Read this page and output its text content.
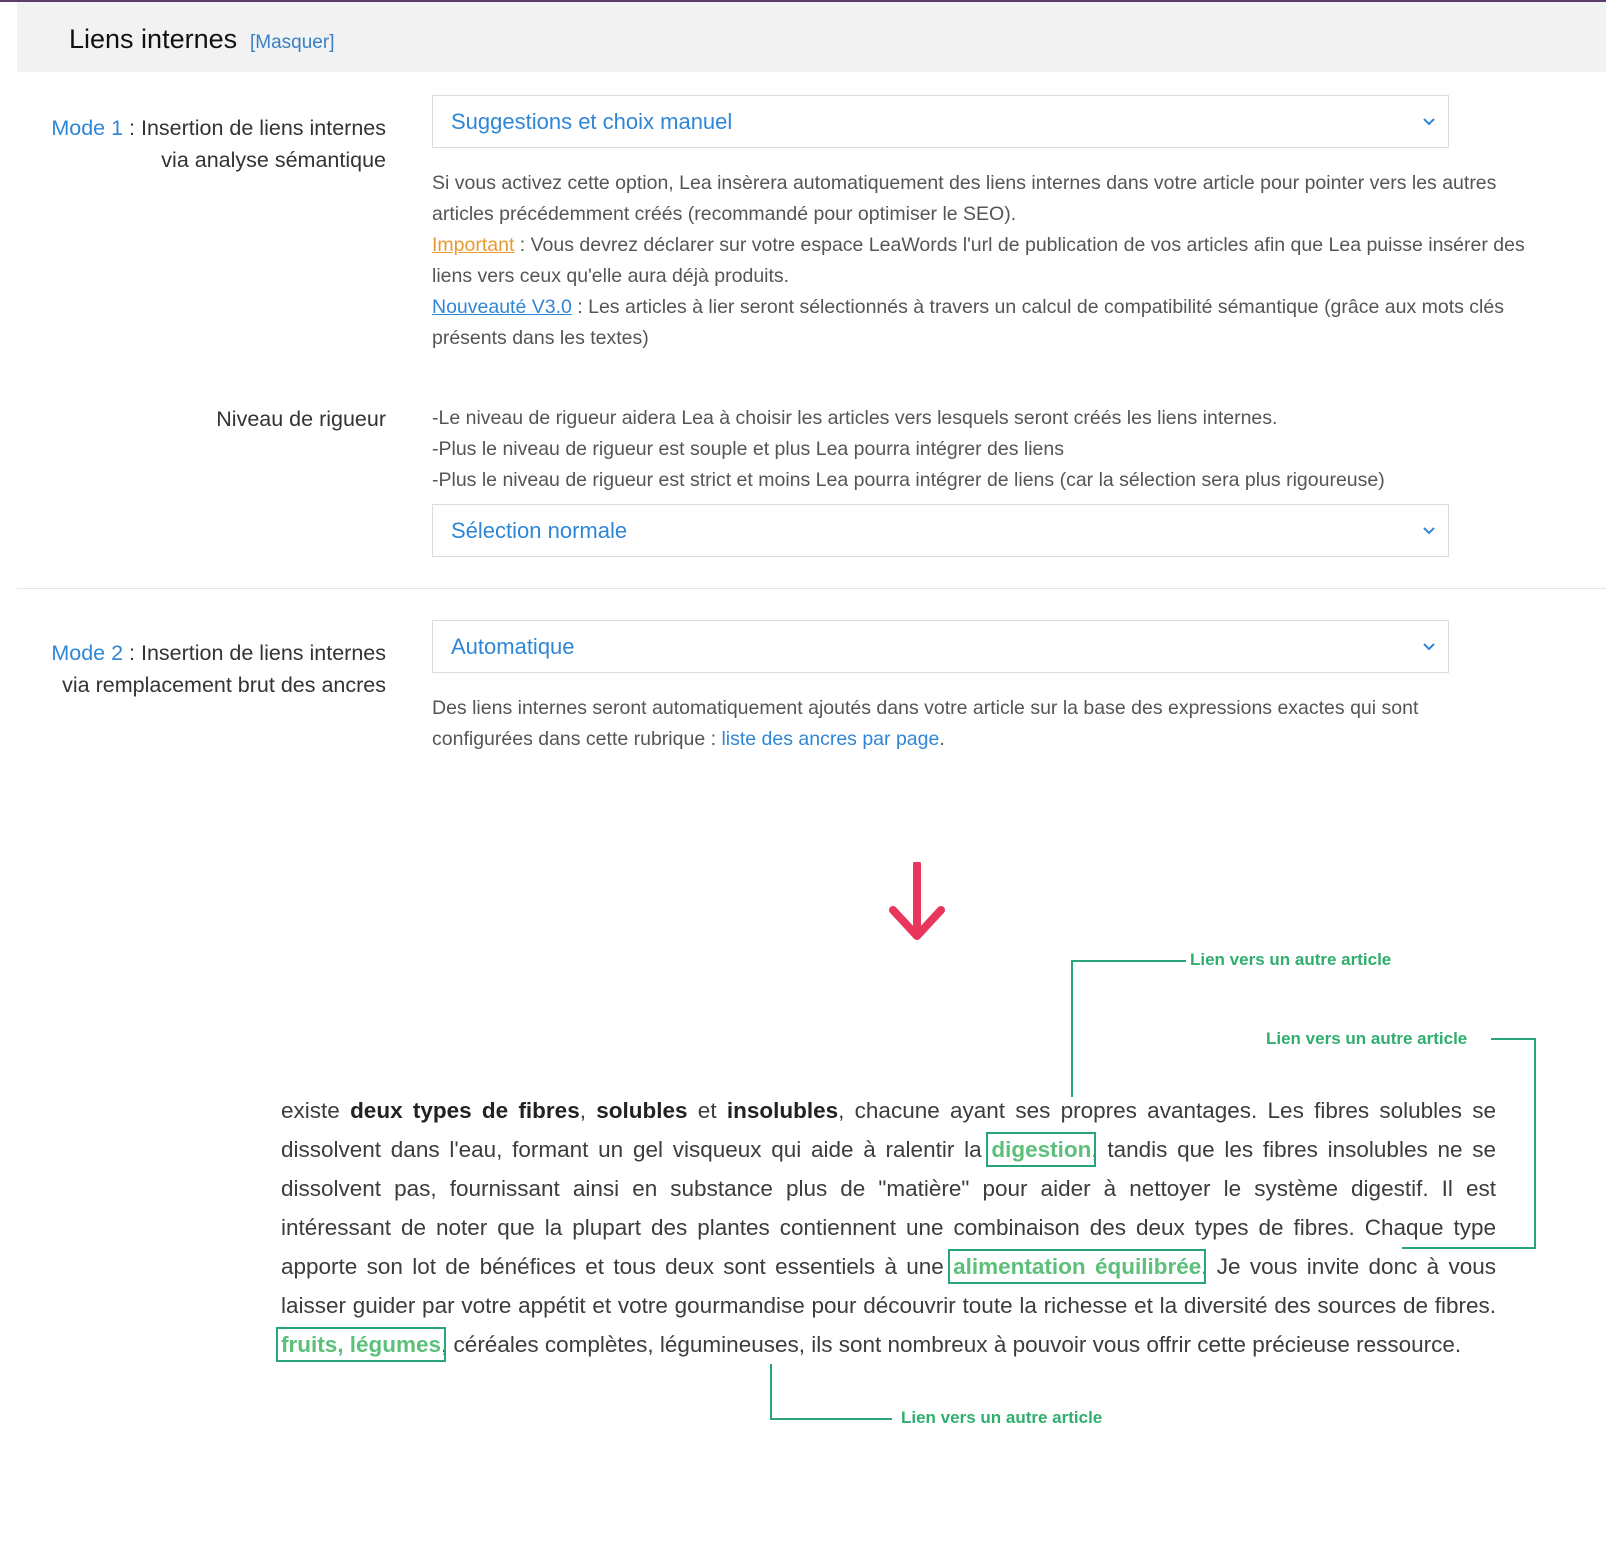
Liens internes [Masquer]
Mode 1 : Insertion de liens internes
via analyse sémantique
Suggestions et choix manuel

Si vous activez cette option, Lea insèrera automatiquement des liens internes dans votre article pour pointer vers les autres articles précédemment créés (recommandé pour optimiser le SEO).

Important : Vous devrez déclarer sur votre espace LeaWords l'url de publication de vos articles afin que Lea puisse insérer des liens vers ceux qu'elle aura déjà produits.

Nouveauté V3.0 : Les articles à lier seront sélectionnés à travers un calcul de compatibilité sémantique (grâce aux mots clés présents dans les textes)

Niveau de rigueur -Le niveau de rigueur aidera Lea à choisir les articles vers lesquels seront créés les liens internes.

-Plus le niveau de rigueur est souple et plus Lea pourra intégrer des liens

-Plus le niveau de rigueur est strict et moins Lea pourra intégrer de liens (car la sélection sera plus rigoureuse)

Sélection normale
Mode 2 : Insertion de liens internes
via remplacement brut des ancres
Automatique

Des liens internes seront automatiquement ajoutés dans votre article sur la base des expressions exactes qui sont configurées dans cette rubrique : liste des ancres par page.

Lien vers un autre article
Lien vers un autre article
Lien vers un autre article
existe deux types de fibres, solubles et insolubles, chacune ayant ses propres avantages. Les fibres solubles se dissolvent dans l'eau, formant un gel visqueux qui aide à ralentir la digestion, tandis que les fibres insolubles ne se dissolvent pas, fournissant ainsi en substance plus de "matière" pour aider à nettoyer le système digestif. Il est intéressant de noter que la plupart des plantes contiennent une combinaison des deux types de fibres. Chaque type apporte son lot de bénéfices et tous deux sont essentiels à une alimentation équilibrée. Je vous invite donc à vous laisser guider par votre appétit et votre gourmandise pour découvrir toute la richesse et la diversité des sources de fibres. fruits, légumes, céréales complètes, légumineuses, ils sont nombreux à pouvoir vous offrir cette précieuse ressource.
